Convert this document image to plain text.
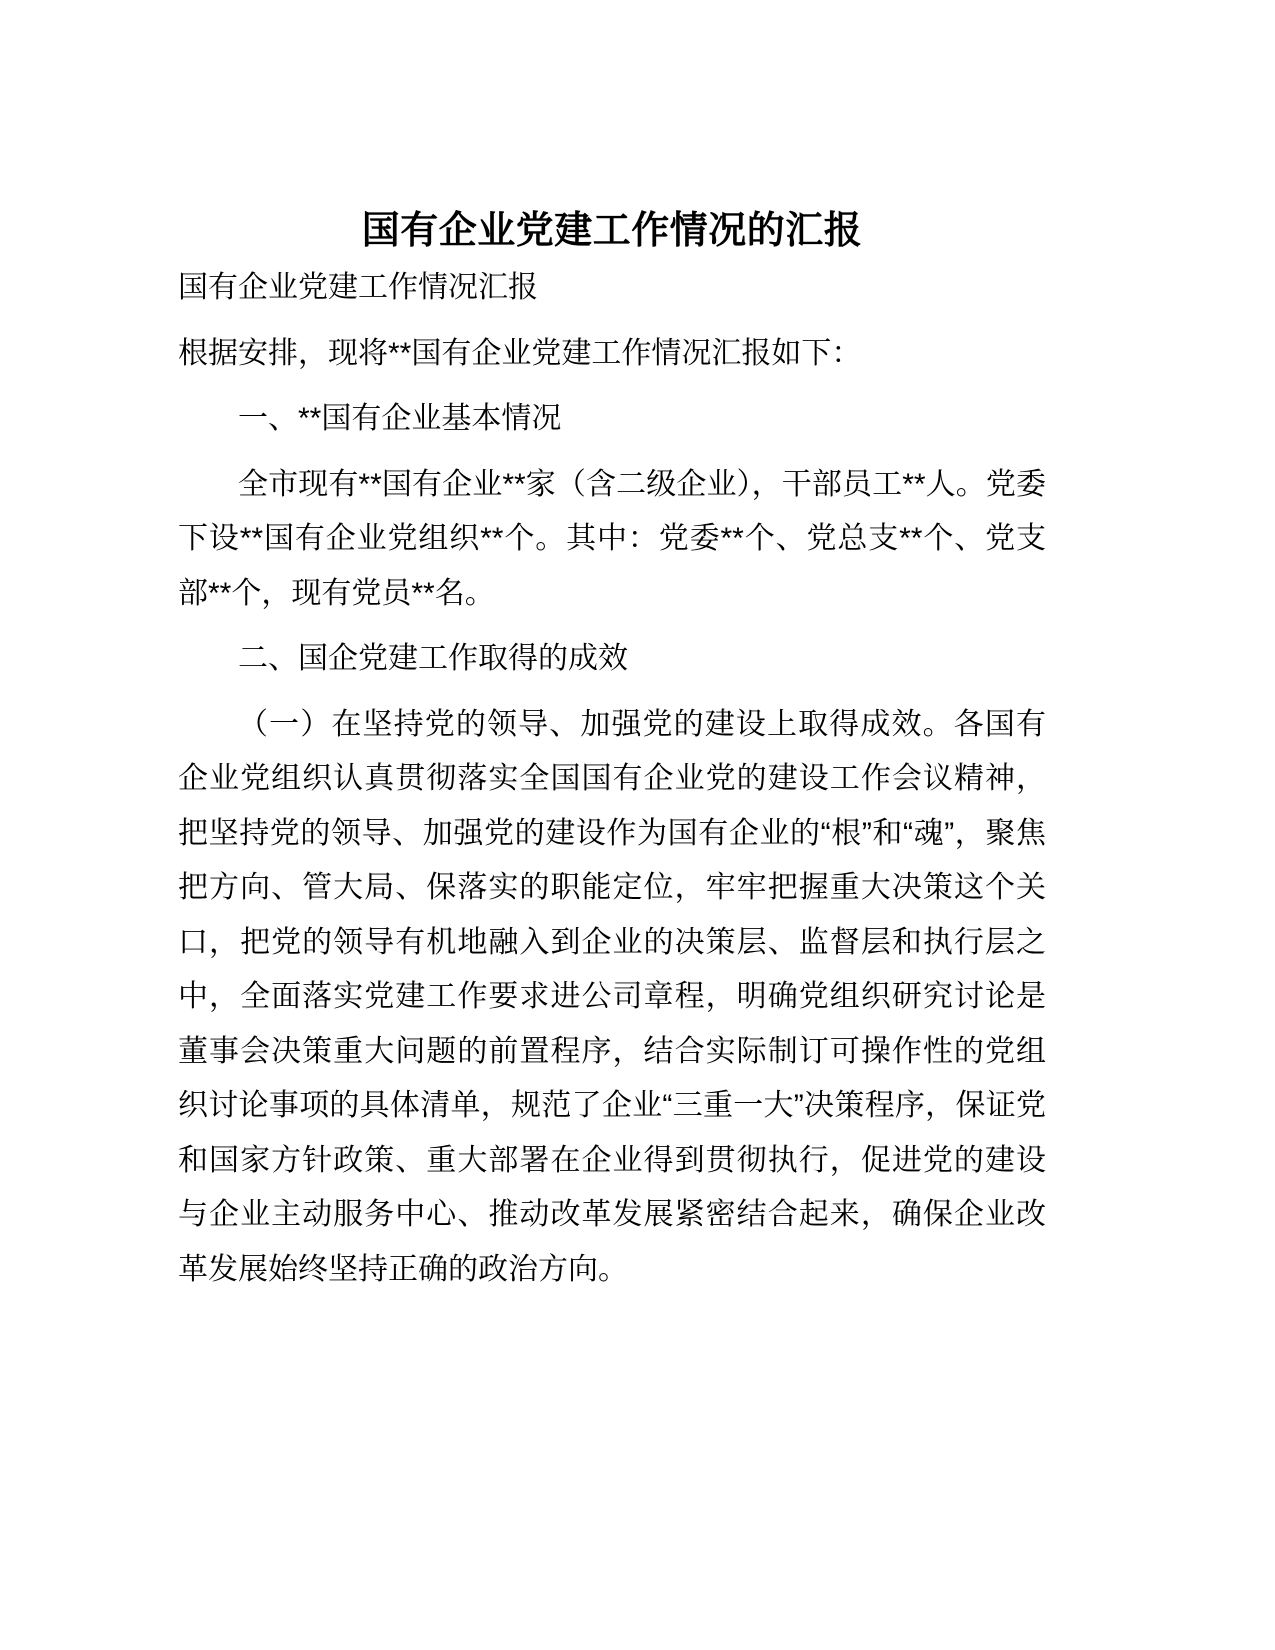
国有企业党建工作情况的汇报

国有企业党建工作情况汇报

根据安排，现将**国有企业党建工作情况汇报如下：

一、**国有企业基本情况

全市现有**国有企业**家（含二级企业），干部员工**人。党委下设**国有企业党组织**个。其中：党委**个、党总支**个、党支部**个，现有党员**名。

二、国企党建工作取得的成效

（一）在坚持党的领导、加强党的建设上取得成效。各国有企业党组织认真贯彻落实全国国有企业党的建设工作会议精神，把坚持党的领导、加强党的建设作为国有企业的“根”和“魂”，聚焦把方向、管大局、保落实的职能定位，牢牢把握重大决策这个关口，把党的领导有机地融入到企业的决策层、监督层和执行层之中，全面落实党建工作要求进公司章程，明确党组织研究讨论是董事会决策重大问题的前置程序，结合实际制订可操作性的党组织讨论事项的具体清单，规范了企业“三重一大”决策程序，保证党和国家方针政策、重大部署在企业得到贯彻执行，促进党的建设与企业主动服务中心、推动改革发展紧密结合起来，确保企业改革发展始终坚持正确的政治方向。
